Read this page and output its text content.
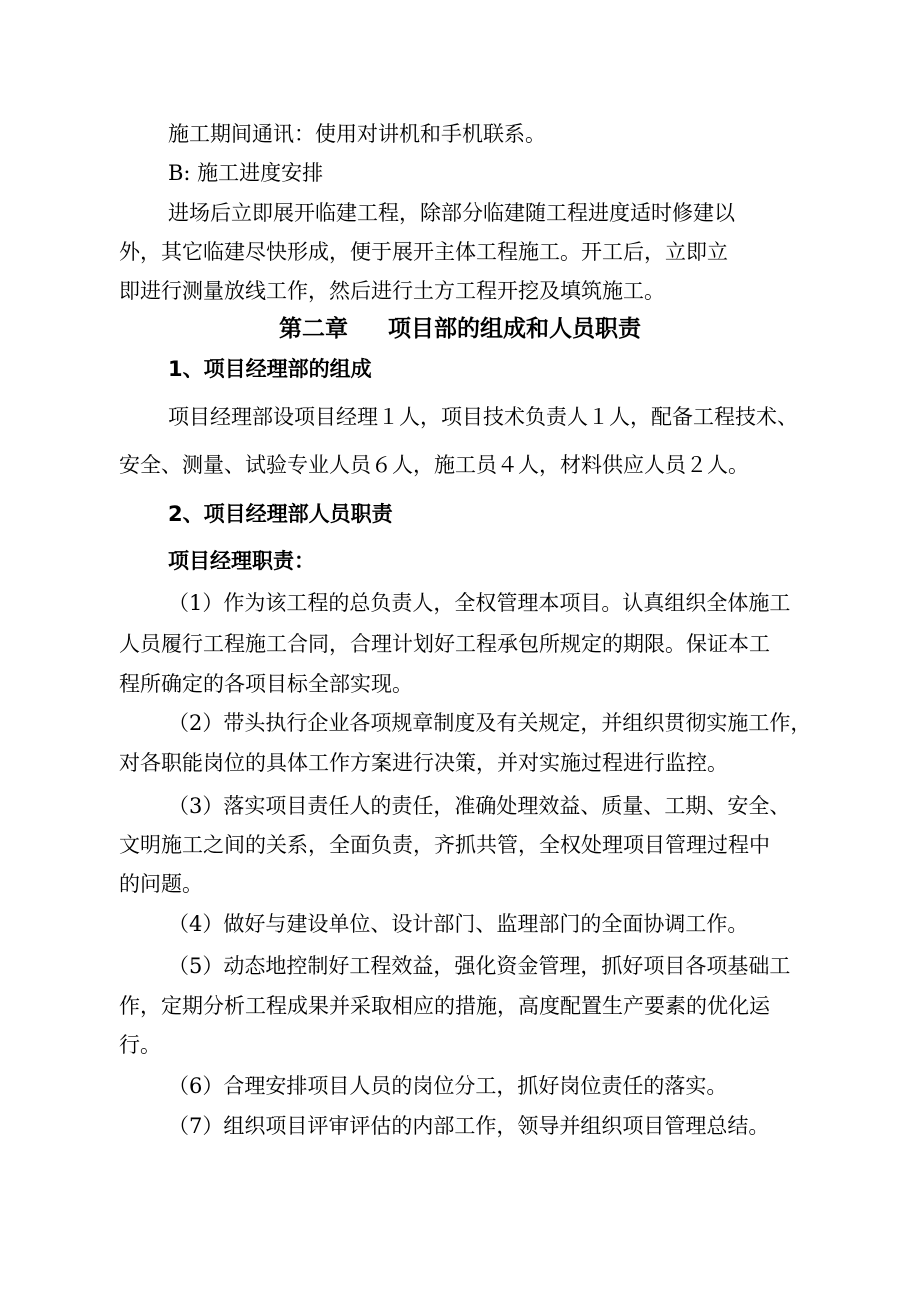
施工期间通讯：使用对讲机和手机联系。
B: 施工进度安排
进场后立即展开临建工程，除部分临建随工程进度适时修建以
外，其它临建尽快形成，便于展开主体工程施工。开工后，立即立
即进行测量放线工作，然后进行土方工程开挖及填筑施工。
第二章 项目部的组成和人员职责
1、项目经理部的组成
项目经理部设项目经理１人，项目技术负责人１人，配备工程技术、
安全、测量、试验专业人员６人，施工员４人，材料供应人员２人。
2、项目经理部人员职责
项目经理职责：
（1）作为该工程的总负责人，全权管理本项目。认真组织全体施工
人员履行工程施工合同，合理计划好工程承包所规定的期限。保证本工
程所确定的各项目标全部实现。
（2）带头执行企业各项规章制度及有关规定，并组织贯彻实施工作，
对各职能岗位的具体工作方案进行决策，并对实施过程进行监控。
（3）落实项目责任人的责任，准确处理效益、质量、工期、安全、
文明施工之间的关系，全面负责，齐抓共管，全权处理项目管理过程中
的问题。
（4）做好与建设单位、设计部门、监理部门的全面协调工作。
（5）动态地控制好工程效益，强化资金管理，抓好项目各项基础工
作，定期分析工程成果并采取相应的措施，高度配置生产要素的优化运
行。
（6）合理安排项目人员的岗位分工，抓好岗位责任的落实。
（7）组织项目评审评估的内部工作，领导并组织项目管理总结。
